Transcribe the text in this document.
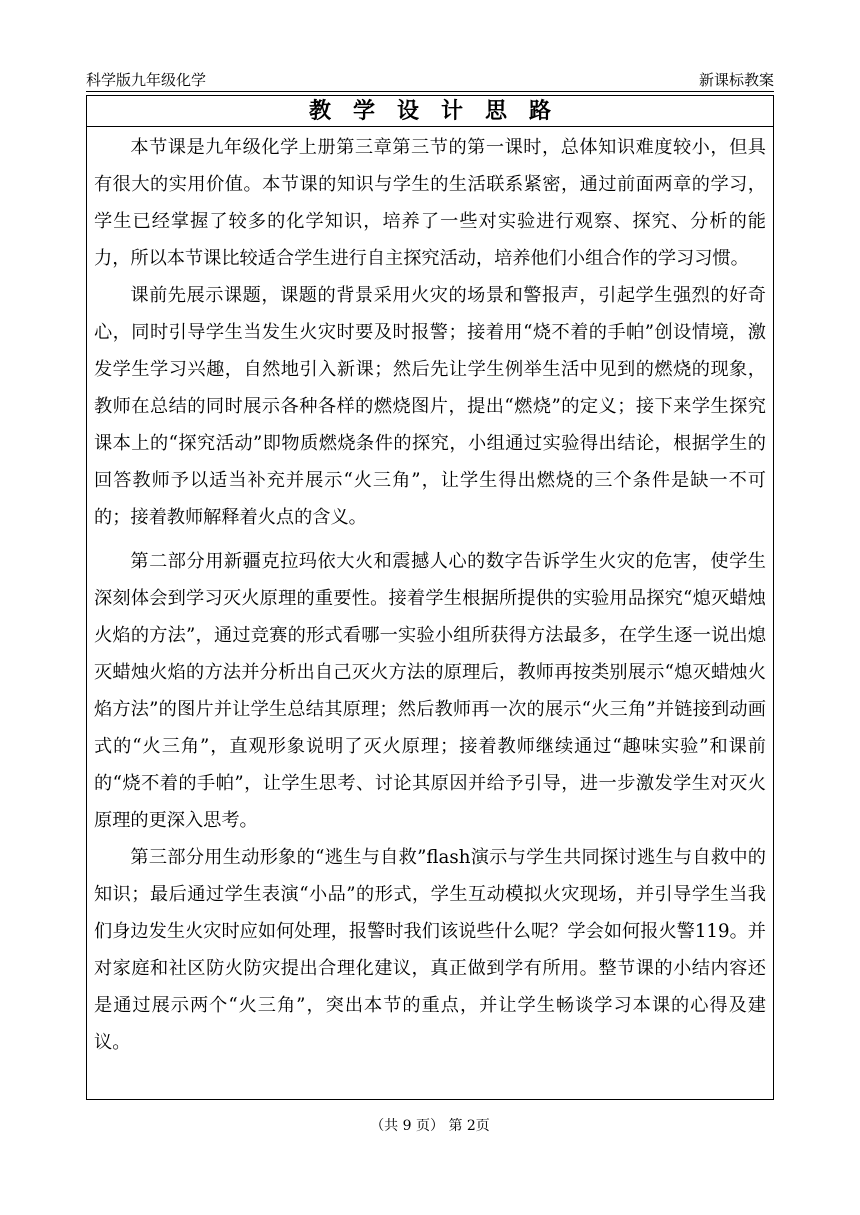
科学版九年级化学	新课标教案
教学设计思路

本节课是九年级化学上册第三章第三节的第一课时，总体知识难度较小，但具有很大的实用价值。本节课的知识与学生的生活联系紧密，通过前面两章的学习，学生已经掌握了较多的化学知识，培养了一些对实验进行观察、探究、分析的能力，所以本节课比较适合学生进行自主探究活动，培养他们小组合作的学习习惯。

课前先展示课题，课题的背景采用火灾的场景和警报声，引起学生强烈的好奇心，同时引导学生当发生火灾时要及时报警；接着用“烧不着的手帕”创设情境，激发学生学习兴趣，自然地引入新课；然后先让学生例举生活中见到的燃烧的现象，教师在总结的同时展示各种各样的燃烧图片，提出“燃烧”的定义；接下来学生探究课本上的“探究活动”即物质燃烧条件的探究，小组通过实验得出结论，根据学生的回答教师予以适当补充并展示“火三角”，让学生得出燃烧的三个条件是缺一不可的；接着教师解释着火点的含义。

第二部分用新疆克拉玛依大火和震撼人心的数字告诉学生火灾的危害，使学生深刻体会到学习灭火原理的重要性。接着学生根据所提供的实验用品探究“熄灭蜡烛火焰的方法”，通过竞赛的形式看哪一实验小组所获得方法最多，在学生逐一说出熄灭蜡烛火焰的方法并分析出自己灭火方法的原理后，教师再按类别展示“熄灭蜡烛火焰方法”的图片并让学生总结其原理；然后教师再一次的展示“火三角”并链接到动画式的“火三角”，直观形象说明了灭火原理；接着教师继续通过“趣味实验”和课前的“烧不着的手帕”，让学生思考、讨论其原因并给予引导，进一步激发学生对灭火原理的更深入思考。

第三部分用生动形象的“逃生与自救”flash演示与学生共同探讨逃生与自救中的知识；最后通过学生表演“小品”的形式，学生互动模拟火灾现场，并引导学生当我们身边发生火灾时应如何处理，报警时我们该说些什么呢？学会如何报火警119。并对家庭和社区防火防灾提出合理化建议，真正做到学有所用。整节课的小结内容还是通过展示两个“火三角”，突出本节的重点，并让学生畅谈学习本课的心得及建议。

（共 9 页） 第 2页
